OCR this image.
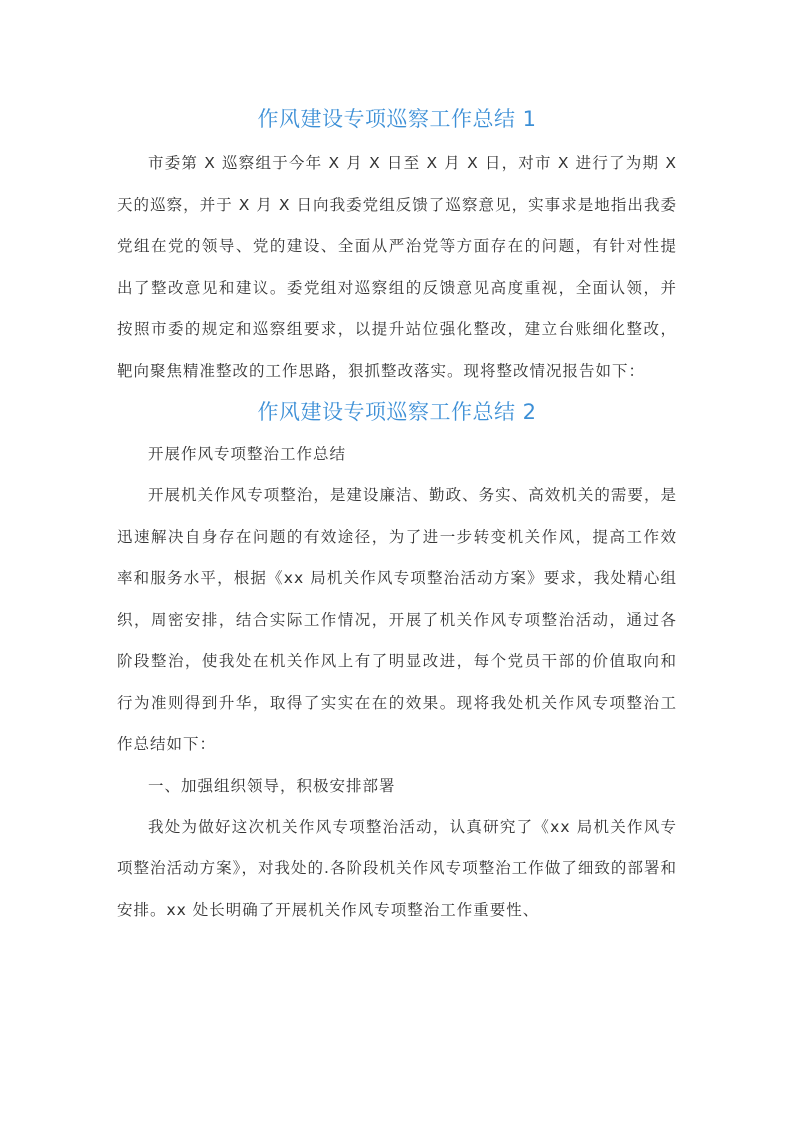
作风建设专项巡察工作总结 1

市委第 X 巡察组于今年 X 月 X 日至 X 月 X 日，对市 X 进行了为期 X 天的巡察，并于 X 月 X 日向我委党组反馈了巡察意见，实事求是地指出我委党组在党的领导、党的建设、全面从严治党等方面存在的问题，有针对性提出了整改意见和建议。委党组对巡察组的反馈意见高度重视，全面认领，并按照市委的规定和巡察组要求，以提升站位强化整改，建立台账细化整改，靶向聚焦精准整改的工作思路，狠抓整改落实。现将整改情况报告如下：

作风建设专项巡察工作总结 2

开展作风专项整治工作总结

开展机关作风专项整治，是建设廉洁、勤政、务实、高效机关的需要，是迅速解决自身存在问题的有效途径，为了进一步转变机关作风，提高工作效率和服务水平，根据《xx 局机关作风专项整治活动方案》要求，我处精心组织，周密安排，结合实际工作情况，开展了机关作风专项整治活动，通过各阶段整治，使我处在机关作风上有了明显改进，每个党员干部的价值取向和行为准则得到升华，取得了实实在在的效果。现将我处机关作风专项整治工作总结如下：

一、加强组织领导，积极安排部署

我处为做好这次机关作风专项整治活动，认真研究了《xx 局机关作风专项整治活动方案》，对我处的.各阶段机关作风专项整治工作做了细致的部署和安排。xx 处长明确了开展机关作风专项整治工作重要性、
